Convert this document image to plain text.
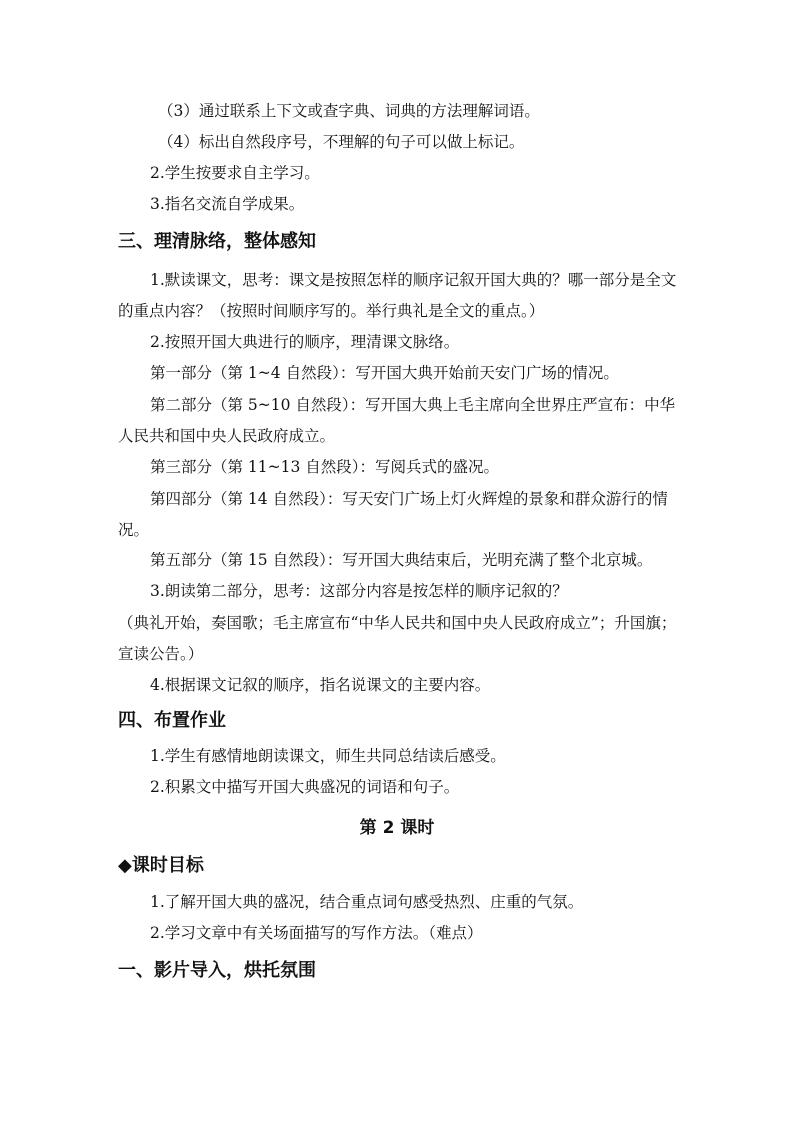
（3）通过联系上下文或查字典、词典的方法理解词语。
（4）标出自然段序号，不理解的句子可以做上标记。
2.学生按要求自主学习。
3.指名交流自学成果。
三、理清脉络，整体感知
1.默读课文，思考：课文是按照怎样的顺序记叙开国大典的？哪一部分是全文的重点内容？（按照时间顺序写的。举行典礼是全文的重点。）
2.按照开国大典进行的顺序，理清课文脉络。
第一部分（第 1~4 自然段）：写开国大典开始前天安门广场的情况。
第二部分（第 5~10 自然段）：写开国大典上毛主席向全世界庄严宣布：中华人民共和国中央人民政府成立。
第三部分（第 11~13 自然段）：写阅兵式的盛况。
第四部分（第 14 自然段）：写天安门广场上灯火辉煌的景象和群众游行的情况。
第五部分（第 15 自然段）：写开国大典结束后，光明充满了整个北京城。
3.朗读第二部分，思考：这部分内容是按怎样的顺序记叙的？
（典礼开始，奏国歌；毛主席宣布“中华人民共和国中央人民政府成立”；升国旗；宣读公告。）
4.根据课文记叙的顺序，指名说课文的主要内容。
四、布置作业
1.学生有感情地朗读课文，师生共同总结读后感受。
2.积累文中描写开国大典盛况的词语和句子。
第 2 课时
◆课时目标
1.了解开国大典的盛况，结合重点词句感受热烈、庄重的气氛。
2.学习文章中有关场面描写的写作方法。（难点）
一、影片导入，烘托氛围
